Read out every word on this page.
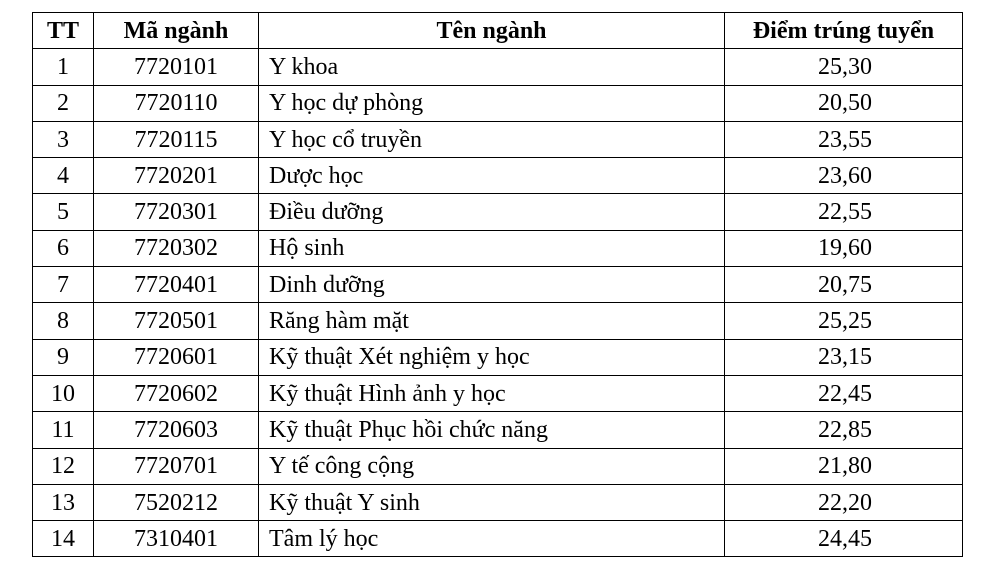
TT	Mã ngành	Tên ngành	Điểm trúng tuyển
1	7720101	Y khoa	25,30
2	7720110	Y học dự phòng	20,50
3	7720115	Y học cổ truyền	23,55
4	7720201	Dược học	23,60
5	7720301	Điều dưỡng	22,55
6	7720302	Hộ sinh	19,60
7	7720401	Dinh dưỡng	20,75
8	7720501	Răng hàm mặt	25,25
9	7720601	Kỹ thuật Xét nghiệm y học	23,15
10	7720602	Kỹ thuật Hình ảnh y học	22,45
11	7720603	Kỹ thuật Phục hồi chức năng	22,85
12	7720701	Y tế công cộng	21,80
13	7520212	Kỹ thuật Y sinh	22,20
14	7310401	Tâm lý học	24,45
